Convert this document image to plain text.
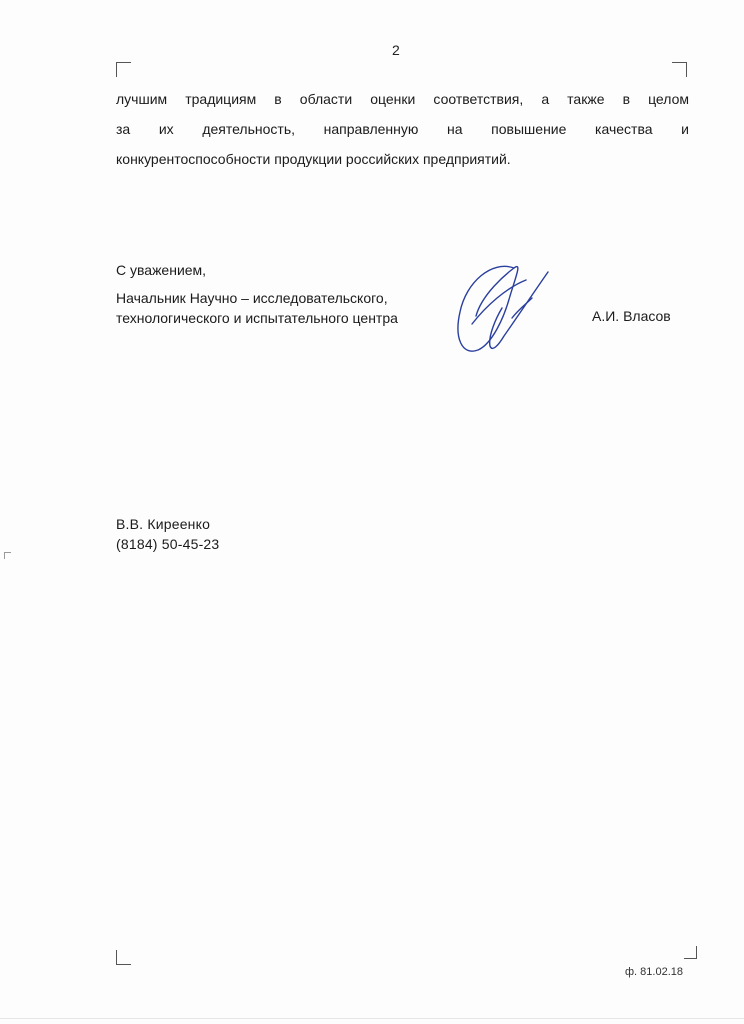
2
лучшим традициям в области оценки соответствия, а также в целом
за их деятельность, направленную на повышение качества и
конкурентоспособности продукции российских предприятий.
С уважением,
Начальник Научно – исследовательского,
технологического и испытательного центра	А.И. Власов
В.В. Киреенко
(8184) 50-45-23
ф. 81.02.18
